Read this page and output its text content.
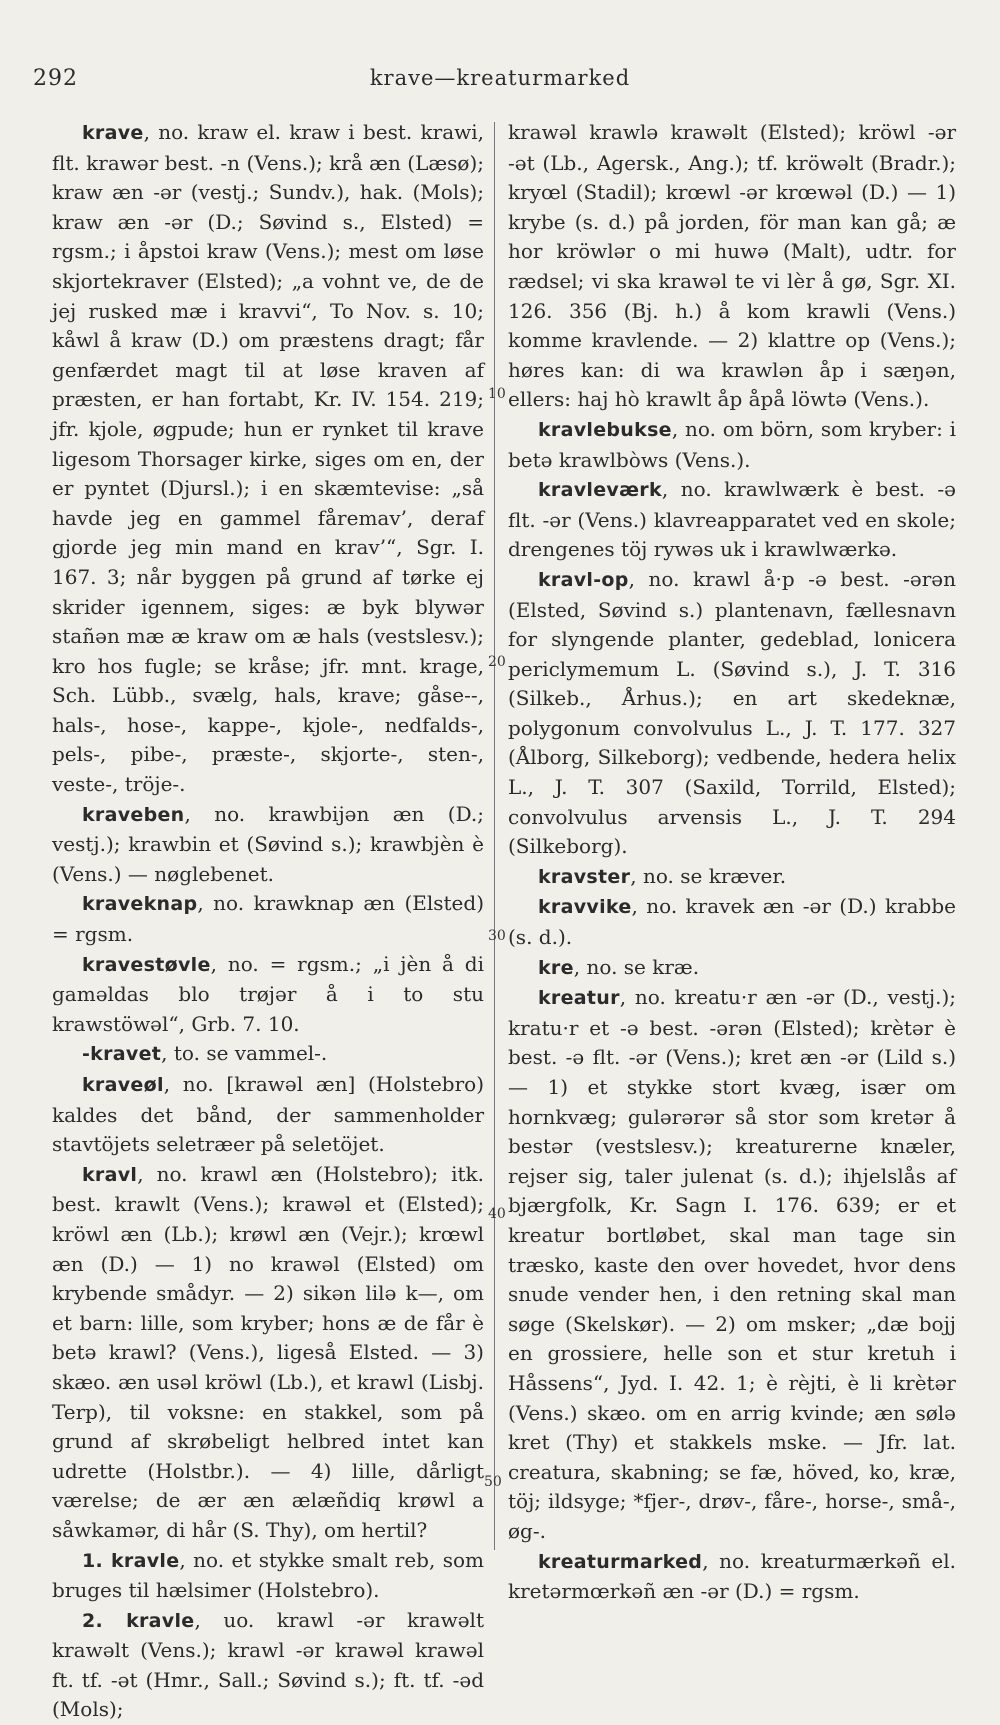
292	krave—kreaturmarked
10
20
30
40
50

krave, no. kraw el. kraw i best. krawi, flt. krawər best. -n (Vens.); krå æn (Læsø); kraw æn -ər (vestj.; Sundv.), hak. (Mols); kraw æn -ər (D.; Søvind s., Elsted) = rgsm.; i åpstoi kraw (Vens.); mest om løse skjortekraver (Elsted); „a vohnt ve, de de jej rusked mæ i kravvi“, To Nov. s. 10; kåwl å kraw (D.) om præstens dragt; får genfærdet magt til at løse kraven af præsten, er han fortabt, Kr. IV. 154. 219; jfr. kjole, øgpude; hun er rynket til krave ligesom Thorsager kirke, siges om en, der er pyntet (Djursl.); i en skæmtevise: „så havde jeg en gammel fåremav’, deraf gjorde jeg min mand en krav’“, Sgr. I. 167. 3; når byggen på grund af tørke ej skrider igennem, siges: æ byk blywər stañən mæ æ kraw om æ hals (vestslesv.); kro hos fugle; se kråse; jfr. mnt. krage, Sch. Lübb., svælg, hals, krave; gåse--, hals-, hose-, kappe-, kjole-, nedfalds-, pels-, pibe-, præste-, skjorte-, sten-, veste-, tröje-.

kraveben, no. krawbijən æn (D.; vestj.); krawbin et (Søvind s.); krawbjèn è (Vens.) — nøglebenet.

kraveknap, no. krawknap æn (Elsted) = rgsm.

kravestøvle, no. = rgsm.; „i jèn å di gaməldas blo trøjər å i to stu krawstöwəl“, Grb. 7. 10.

-kravet, to. se vammel-.

kraveøl, no. [krawəl æn] (Holstebro) kaldes det bånd, der sammenholder stavtöjets seletræer på seletöjet.

kravl, no. krawl æn (Holstebro); itk. best. krawlt (Vens.); krawəl et (Elsted); kröwl æn (Lb.); krøwl æn (Vejr.); krœwl æn (D.) — 1) no krawəl (Elsted) om krybende smådyr. — 2) sikən lilə k—, om et barn: lille, som kryber; hons æ de får è betə krawl? (Vens.), ligeså Elsted. — 3) skæo. æn usəl kröwl (Lb.), et krawl (Lisbj. Terp), til voksne: en stakkel, som på grund af skrøbeligt helbred intet kan udrette (Holstbr.). — 4) lille, dårligt værelse; de ær æn ælæñdiq krøwl a såwkamər, di hår (S. Thy), om hertil?

1. kravle, no. et stykke smalt reb, som bruges til hælsimer (Holstebro).

2. kravle, uo. krawl -ər krawəlt krawəlt (Vens.); krawl -ər krawəl krawəl ft. tf. -ət (Hmr., Sall.; Søvind s.); ft. tf. -əd (Mols);

krawəl krawlə krawəlt (Elsted); kröwl -ər -ət (Lb., Agersk., Ang.); tf. kröwəlt (Bradr.); kryœl (Stadil); krœwl -ər krœwəl (D.) — 1) krybe (s. d.) på jorden, för man kan gå; æ hor kröwlər o mi huwə (Malt), udtr. for rædsel; vi ska krawəl te vi lèr å gø, Sgr. XI. 126. 356 (Bj. h.) å kom krawli (Vens.) komme kravlende. — 2) klattre op (Vens.); høres kan: di wa krawlən åp i sæŋən, ellers: haj hò krawlt åp åpå löwtə (Vens.).

kravlebukse, no. om börn, som kryber: i betə krawlbòws (Vens.).

kravleværk, no. krawlwærk è best. -ə flt. -ər (Vens.) klavreapparatet ved en skole; drengenes töj rywəs uk i krawlwærkə.

kravl-op, no. krawl å·p -ə best. -ərən (Elsted, Søvind s.) plantenavn, fællesnavn for slyngende planter, gedeblad, lonicera periclymemum L. (Søvind s.), J. T. 316 (Silkeb., Århus.); en art skedeknæ, polygonum convolvulus L., J. T. 177. 327 (Ålborg, Silkeborg); vedbende, hedera helix L., J. T. 307 (Saxild, Torrild, Elsted); convolvulus arvensis L., J. T. 294 (Silkeborg).

kravster, no. se kræver.

kravvike, no. kravek æn -ər (D.) krabbe (s. d.).

kre, no. se kræ.

kreatur, no. kreatu·r æn -ər (D., vestj.); kratu·r et -ə best. -ərən (Elsted); krètər è best. -ə flt. -ər (Vens.); kret æn -ər (Lild s.) — 1) et stykke stort kvæg, især om hornkvæg; gulərərər så stor som kretər å bestər (vestslesv.); kreaturerne knæler, rejser sig, taler julenat (s. d.); ihjelslås af bjærgfolk, Kr. Sagn I. 176. 639; er et kreatur bortløbet, skal man tage sin træsko, kaste den over hovedet, hvor dens snude vender hen, i den retning skal man søge (Skelskør). — 2) om msker; „dæ bojj en grossiere, helle son et stur kretuh i Håssens“, Jyd. I. 42. 1; è rèjti, è li krètər (Vens.) skæo. om en arrig kvinde; æn sølə kret (Thy) et stakkels mske. — Jfr. lat. creatura, skabning; se fæ, höved, ko, kræ, töj; ildsyge; *fjer-, drøv-, fåre-, horse-, små-, øg-.

kreaturmarked, no. kreaturmærkəñ el. kretərmœrkəñ æn -ər (D.) = rgsm.
